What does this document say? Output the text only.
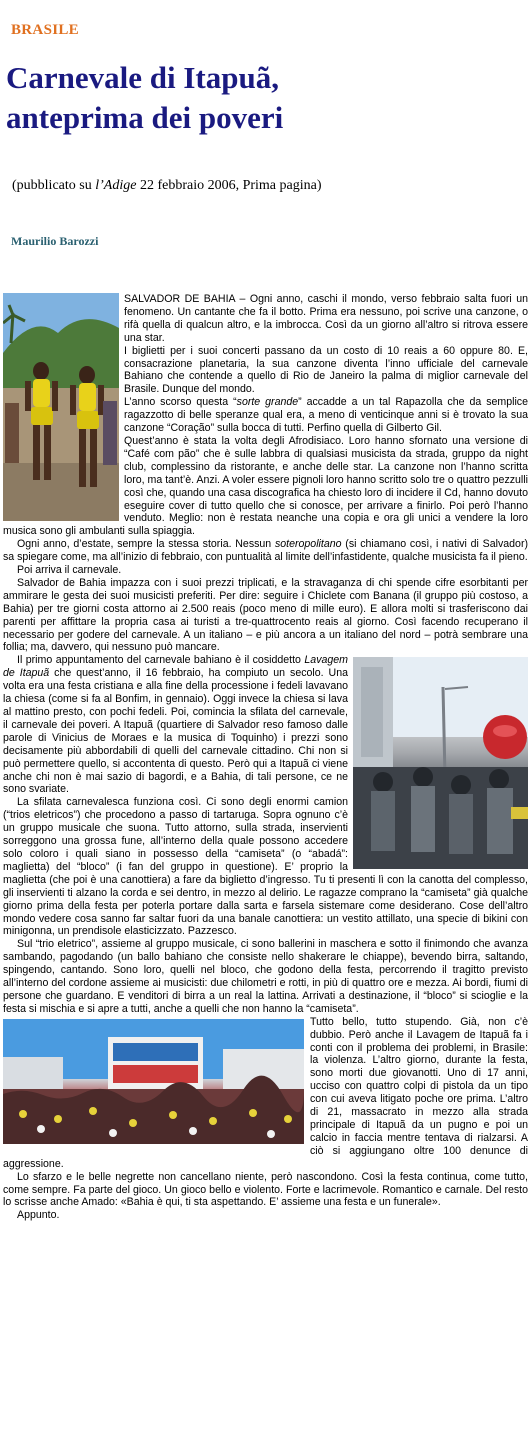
BRASILE
Carnevale di Itapuã,
anteprima dei poveri
(pubblicato su l’Adige 22 febbraio 2006, Prima pagina)
Maurilio Barozzi

SALVADOR DE BAHIA – Ogni anno, caschi il mondo, verso febbraio salta fuori un fenomeno. Un cantante che fa il botto. Prima era nessuno, poi scrive una canzone, o rifà quella di qualcun altro, e la imbrocca. Così da un giorno all’altro si ritrova essere una star.

I biglietti per i suoi concerti passano da un costo di 10 reais a 60 oppure 80. E, consacrazione planetaria, la sua canzone diventa l’inno ufficiale del carnevale Bahiano che contende a quello di Rio de Janeiro la palma di miglior carnevale del Brasile. Dunque del mondo.

L’anno scorso questa “sorte grande” accadde a un tal Rapazolla che da semplice ragazzotto di belle speranze qual era, a meno di venticinque anni si è trovato la sua canzone “Coração” sulla bocca di tutti. Perfino quella di Gilberto Gil.

Quest’anno è stata la volta degli Afrodisiaco. Loro hanno sfornato una versione di “Café com pão” che è sulle labbra di qualsiasi musicista da strada, gruppo da night club, complessino da ristorante, e anche delle star. La canzone non l’hanno scritta loro, ma tant’è. Anzi. A voler essere pignoli loro hanno scritto solo tre o quattro pezzulli così che, quando una casa discografica ha chiesto loro di incidere il Cd, hanno dovuto eseguire cover di tutto quello che si conosce, per arrivare a finirlo. Poi però l’hanno venduto. Meglio: non è restata neanche una copia e ora gli unici a vendere la loro musica sono gli ambulanti sulla spiaggia.

Ogni anno, d’estate, sempre la stessa storia. Nessun soteropolitano (si chiamano così, i nativi di Salvador) sa spiegare come, ma all’inizio di febbraio, con puntualità al limite dell’infastidente, qualche musicista fa il pieno.

Poi arriva il carnevale.

Salvador de Bahia impazza con i suoi prezzi triplicati, e la stravaganza di chi spende cifre esorbitanti per ammirare le gesta dei suoi musicisti preferiti. Per dire: seguire i Chiclete com Banana (il gruppo più costoso, a Bahia) per tre giorni costa attorno ai 2.500 reais (poco meno di mille euro). E allora molti si trasferiscono dai parenti per affittare la propria casa ai turisti a tre-quattrocento reais al giorno. Così facendo recuperano il necessario per godere del carnevale. A un italiano – e più ancora a un italiano del nord – potrà sembrare una follia; ma, davvero, qui nessuno può mancare.

Il primo appuntamento del carnevale bahiano è il cosiddetto Lavagem de Itapuã che quest’anno, il 16 febbraio, ha compiuto un secolo. Una volta era una festa cristiana e alla fine della processione i fedeli lavavano la chiesa (come si fa al Bonfim, in gennaio). Oggi invece la chiesa si lava al mattino presto, con pochi fedeli. Poi, comincia la sfilata del carnevale, il carnevale dei poveri. A Itapuã (quartiere di Salvador reso famoso dalle parole di Vinicius de Moraes e la musica di Toquinho) i prezzi sono decisamente più abbordabili di quelli del carnevale cittadino. Chi non si può permettere quello, si accontenta di questo. Però qui a Itapuã ci viene anche chi non è mai sazio di bagordi, e a Bahia, di tali persone, ce ne sono svariate.

La sfilata carnevalesca funziona così. Ci sono degli enormi camion (“trios eletricos”) che procedono a passo di tartaruga. Sopra ognuno c’è un gruppo musicale che suona. Tutto attorno, sulla strada, inservienti sorreggono una grossa fune, all’interno della quale possono accedere solo coloro i quali siano in possesso della “camiseta” (o “abadá”: maglietta) del “bloco” (i fan del gruppo in questione). E’ proprio la maglietta (che poi è una canottiera) a fare da biglietto d’ingresso. Tu ti presenti lì con la canotta del complesso, gli inservienti ti alzano la corda e sei dentro, in mezzo al delirio. Le ragazze comprano la “camiseta” già qualche giorno prima della festa per poterla portare dalla sarta e farsela sistemare come desiderano. Cose dell’altro mondo vedere cosa sanno far saltar fuori da una banale canottiera: un vestito attillato, una specie di bikini con minigonna, un prendisole elasticizzato. Pazzesco.

Sul “trio eletrico”, assieme al gruppo musicale, ci sono ballerini in maschera e sotto il finimondo che avanza sambando, pagodando (un ballo bahiano che consiste nello shakerare le chiappe), bevendo birra, saltando, spingendo, cantando. Sono loro, quelli nel bloco, che godono della festa, percorrendo il tragitto previsto all’interno del cordone assieme ai musicisti: due chilometri e rotti, in più di quattro ore e mezza. Ai bordi, fiumi di persone che guardano. E venditori di birra a un real la lattina. Arrivati a destinazione, il “bloco” si scioglie e la festa si mischia e si apre a tutti, anche a quelli che non hanno la “camiseta”.

Tutto bello, tutto stupendo. Già, non c’è dubbio. Però anche il Lavagem de Itapuã fa i conti con il problema dei problemi, in Brasile: la violenza. L’altro giorno, durante la festa, sono morti due giovanotti. Uno di 17 anni, ucciso con quattro colpi di pistola da un tipo con cui aveva litigato poche ore prima. L’altro di 21, massacrato in mezzo alla strada principale di Itapuã da un pugno e poi un calcio in faccia mentre tentava di rialzarsi. A ciò si aggiungano oltre 100 denunce di aggressione.

Lo sfarzo e le belle negrette non cancellano niente, però nascondono. Così la festa continua, come tutto, come sempre. Fa parte del gioco. Un gioco bello e violento. Forte e lacrimevole. Romantico e carnale. Del resto lo scrisse anche Amado: «Bahia è qui, ti sta aspettando. E’ assieme una festa e un funerale».

Appunto.
